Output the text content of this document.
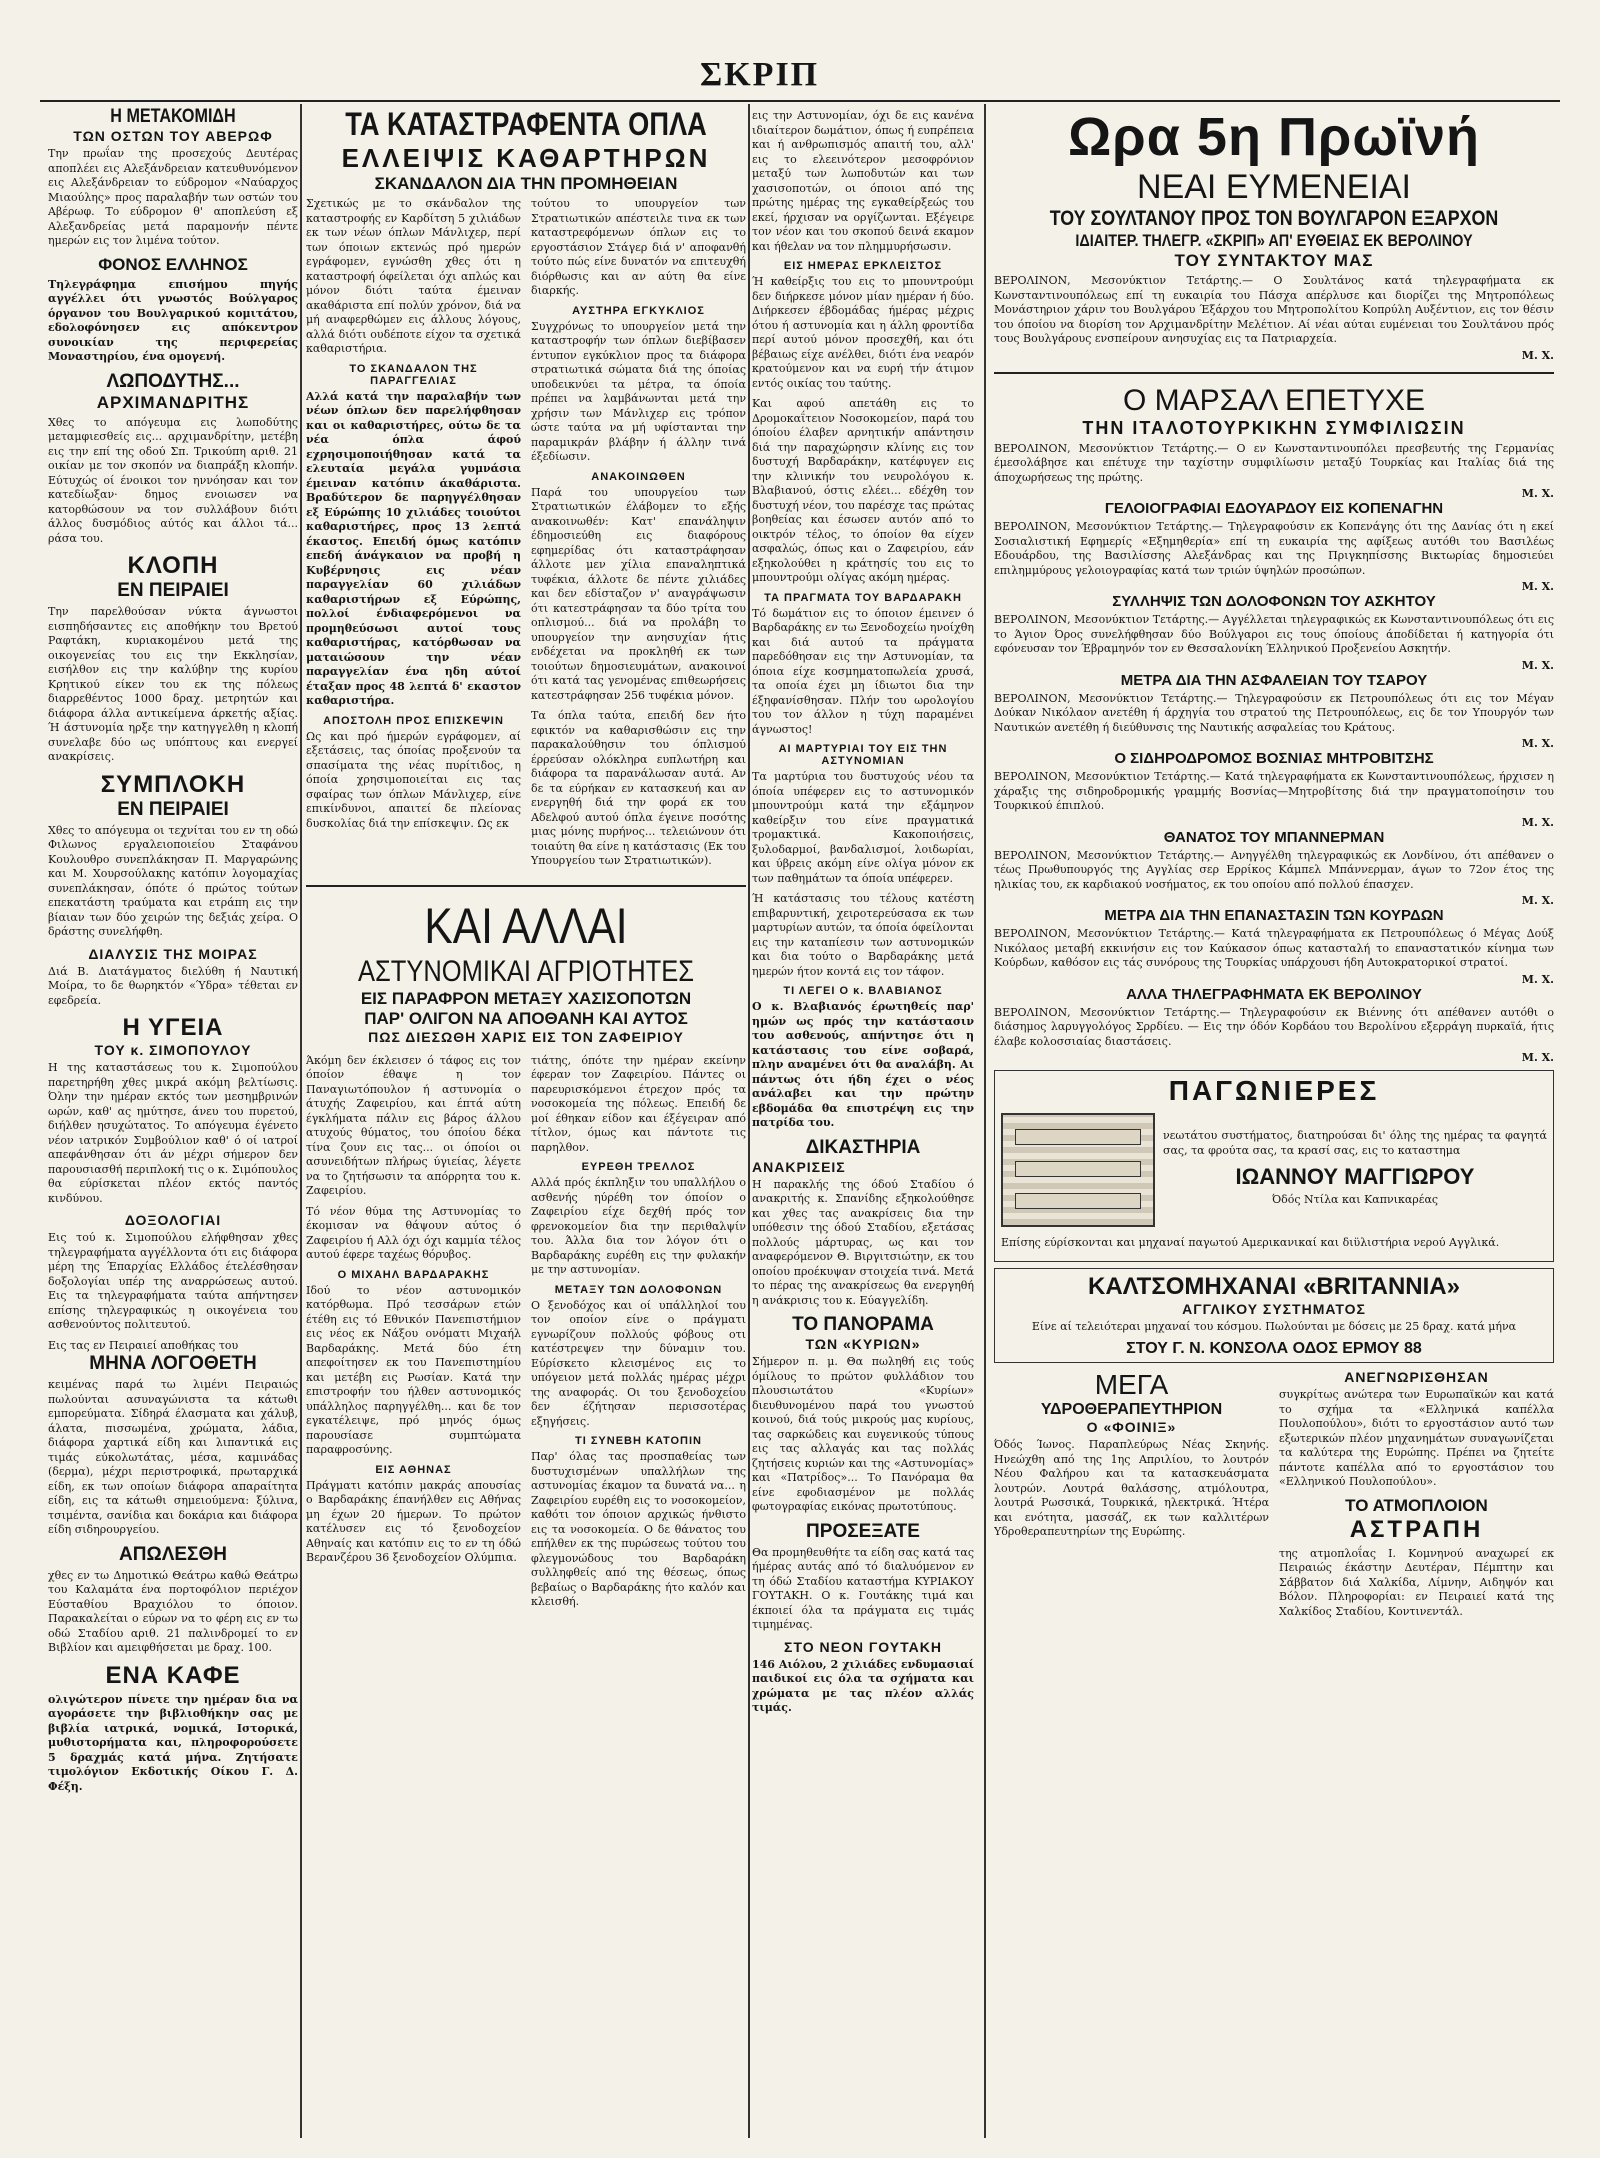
ΣΚΡΙΠ
Η ΜΕΤΑΚΟΜΙΔΗ
ΤΩΝ ΟΣΤΩΝ ΤΟΥ ΑΒΕΡΩΦ

Την πρωΐαν της προσεχούς Δευτέρας αποπλέει εις Αλεξάνδρειαν κατευθυνόμενον εις Αλεξάνδρειαν το εύδρομον «Ναύαρχος Μιαούλης» προς παραλαβήν των οστών του Αβέρωφ. Το εύδρομον θ' αποπλεύση εξ Αλεξανδρείας μετά παραμονήν πέντε ημερών εις τον λιμένα τούτον.

ΦΟΝΟΣ ΕΛΛΗΝΟΣ

Τηλεγράφημα επισήμου πηγής αγγέλλει ότι γνωστός Βούλγαρος όργανον του Βουλγαρικού κομιτάτου, εδολοφόνησεν εις απόκεντρον συνοικίαν της περιφερείας Μοναστηρίου, ένα ομογενή.

ΛΩΠΟΔΥΤΗΣ...
ΑΡΧΙΜΑΝΔΡΙΤΗΣ

Χθες το απόγευμα εις λωποδύτης μεταμφιεσθείς εις... αρχιμανδρίτην, μετέβη εις την επί της οδού Σπ. Τρικούπη αριθ. 21 οικίαν με τον σκοπόν να διαπράξη κλοπήν. Εύτυχώς οί ένοικοι τον ηννόησαν και τον κατεδίωξαν· δημος ενοιωσεν να κατορθώσουν να τον συλλάβουν διότι άλλος δυσμόδιος αύτός και άλλοι τά... ράσα του.

ΚΛΟΠΗ
ΕΝ ΠΕΙΡΑΙΕΙ

Την παρελθούσαν νύκτα άγνωστοι εισπηδήσαντες εις αποθήκην του Βρετού Ραφτάκη, κυριακομένου μετά της οικογενείας του εις την Εκκλησίαν, εισήλθον εις την καλύβην της κυρίου Κρητικού είκεν του εκ της πόλεως διαρρεθέντος 1000 δραχ. μετρητών και διάφορα άλλα αντικείμενα άρκετής αξίας. Ή άστυνομία ηρξε την κατηγγελθη η κλοπή συνελαβε δύο ως υπόπτους και ενεργεί ανακρίσεις.

ΣΥΜΠΛΟΚΗ
ΕΝ ΠΕΙΡΑΙΕΙ

Χθες το απόγευμα οι τεχνίται του εν τη οδώ Φιλωνος εργαλειοποιείου Σταφάνου Κουλουθρο συνεπλάκησαν Π. Μαργαρώνης και Μ. Χουρσούλακης κατόπιν λογομαχίας συνεπλάκησαν, όπότε ό πρώτος τούτων επεκατάστη τραύματα και ετράπη εις την βίαιαν των δύο χειρών της δεξιάς χείρα. Ο δράστης συνελήφθη.

ΔΙΑΛΥΣΙΣ ΤΗΣ ΜΟΙΡΑΣ

Διά Β. Διατάγματος διελύθη ή Ναυτική Μοίρα, το δε θωρηκτόν «Ύδρα» τέθεται εν εφεδρεία.

Η ΥΓΕΙΑ
ΤΟΥ κ. ΣΙΜΟΠΟΥΛΟΥ

Η της καταστάσεως του κ. Σιμοπούλου παρετηρήθη χθες μικρά ακόμη βελτίωσις. Όλην την ημέραν εκτός των μεσημβρινών ωρών, καθ' ας ημύτησε, άνευ του πυρετού, διήλθεν ησυχώτατος. Το απόγευμα έγένετο νέον ιατρικόν Συμβούλιον καθ' ό οί ιατροί απεφάνθησαν ότι άν μέχρι σήμερον δεν παρουσιασθή περιπλοκή τις ο κ. Σιμόπουλος θα εύρίσκεται πλέον εκτός παντός κινδύνου.

ΔΟΞΟΛΟΓΙΑΙ

Εις τού κ. Σιμοπούλου ελήφθησαν χθες τηλεγραφήματα αγγέλλοντα ότι εις διάφορα μέρη της Έπαρχίας Ελλάδος έτελέσθησαν δοξολογίαι υπέρ της αναρρώσεως αυτού. Εις τα τηλεγραφήματα ταύτα απήντησεν επίσης τηλεγραφικώς η οικογένεια του ασθενούντος πολιτευτού.

Εις τας εν Πειραιεί αποθήκας του

ΜΗΝΑ ΛΟΓΟΘΕΤΗ

κειμένας παρά τω λιμένι Πειραιώς πωλούνται ασυναγώνιστα τα κάτωθι εμπορεύματα. Σίδηρά έλασματα και χάλυβ, άλατα, πισσωμένα, χρώματα, λάδια, διάφορα χαρτικά είδη και λιπαντικά εις τιμάς εύκολωτάτας, μέσα, καμινάδας (δερμα), μέχρι περιστροφικά, πρωταρχικά είδη, εκ των οποίων διάφορα απαραίτητα είδη, εις τα κάτωθι σημειούμενα: ξύλινα, τσιμέντα, σανίδια και δοκάρια και διάφορα είδη σιδηρουργείου.

ΑΠΩΛΕΣΘΗ

χθες εν τω Δημοτικώ Θεάτρω καθώ Θεάτρω του Καλαμάτα ένα πορτοφόλιον περιέχον Εύσταθίου Βραχιόλου το όποιον. Παρακαλείται ο εύρων να το φέρη εις εν τω οδώ Σταδίου αριθ. 21 παλινδρομεί το εν Βιβλίον και αμειφθήσεται με δραχ. 100.

ΕΝΑ ΚΑΦΕ

ολιγώτερον πίνετε την ημέραν δια να αγοράσετε την βιβλιοθήκην σας με βιβλία ιατρικά, νομικά, Ιστορικά, μυθιστορήματα και, πληροφορούσετε 5 δραχμάς κατά μήνα. Ζητήσατε τιμολόγιον Εκδοτικής Οίκου Γ. Δ. Φέξη.

ΤΑ ΚΑΤΑΣΤΡΑΦΕΝΤΑ ΟΠΛΑ
ΕΛΛΕΙΨΙΣ ΚΑΘΑΡΤΗΡΩΝ
ΣΚΑΝΔΑΛΟΝ ΔΙΑ ΤΗΝ ΠΡΟΜΗΘΕΙΑΝ

Σχετικώς με το σκάνδαλον της καταστροφής εν Καρδίτση 5 χιλιάδων εκ των νέων όπλων Μάνλιχερ, περί των όποιων εκτενώς πρό ημερών εγράφομεν, εγνώσθη χθες ότι η καταστροφή όφείλεται όχι απλώς και μόνον διότι ταύτα έμειναν ακαθάριστα επί πολύν χρόνον, διά να μή αναφερθώμεν εις άλλους λόγους, αλλά διότι ουδέποτε είχον τα σχετικά καθαριστήρια.

ΤΟ ΣΚΑΝΔΑΛΟΝ ΤΗΣ ΠΑΡΑΓΓΕΛΙΑΣ

Αλλά κατά την παραλαβήν των νέων όπλων δεν παρελήφθησαν και οι καθαριστήρες, ούτω δε τα νέα όπλα άφού εχρησιμοποιήθησαν κατά τα ελευταία μεγάλα γυμνάσια έμειναν κατόπιν άκαθάριστα. Βραδύτερον δε παρηγγέλθησαν εξ Εύρώπης 10 χιλιάδες τοιούτοι καθαριστήρες, προς 13 λεπτά έκαστος. Επειδή όμως κατόπιν επεδή άνάγκαιον να προβή η Κυβέρνησις εις νέαν παραγγελίαν 60 χιλιάδων καθαριστήρων εξ Εύρώπης, πολλοί ένδιαφερόμενοι να προμηθεύσωσι αυτοί τους καθαριστήρας, κατόρθωσαν να ματαιώσουν την νέαν παραγγελίαν ένα ηδη αύτοί έταξαν προς 48 λεπτά δ' εκαστον καθαριστήρα.

ΑΠΟΣΤΟΛΗ ΠΡΟΣ ΕΠΙΣΚΕΨΙΝ

Ως και πρό ήμερών εγράφομεν, αί εξετάσεις, τας όποίας προξενούν τα σπασίματα της νέας πυρίτιδος, η όποία χρησιμοποιείται εις τας σφαίρας των όπλων Μάνλιχερ, είνε επικίνδυνοι, απαιτεί δε πλείονας δυσκολίας διά την επίσκεψιν. Ως εκ

τούτου το υπουργείον των Στρατιωτικών απέστειλε τινα εκ των καταστρεφόμενων όπλων εις το εργοστάσιον Στάγερ διά ν' αποφανθή τούτο πώς είνε δυνατόν να επιτευχθή διόρθωσις και αν αύτη θα είνε διαρκής.

ΑΥΣΤΗΡΑ ΕΓΚΥΚΛΙΟΣ

Συγχρόνως το υπουργείον μετά την καταστροφήν των όπλων διεβίβασεν έντυπον εγκύκλιον προς τα διάφορα στρατιωτικά σώματα διά της όποίας υποδεικνύει τα μέτρα, τα όποία πρέπει να λαμβάνωνται μετά την χρήσιν των Μάνλιχερ εις τρόπον ώστε ταύτα να μή υφίστανται την παραμικράν βλάβην ή άλλην τινά έξεδίωσιν.

ΑΝΑΚΟΙΝΩΘΕΝ

Παρά του υπουργείου των Στρατιωτικών έλάβομεν το εξής ανακοινωθέν: Κατ' επανάληψιν έδημοσιεύθη εις διαφόρους εφημερίδας ότι καταστράφησαν άλλοτε μεν χίλια επαναληπτικά τυφέκια, άλλοτε δε πέντε χιλιάδες και δεν εδίσταζον ν' αναγράψωσιν ότι κατεστράφησαν τα δύο τρίτα του οπλισμού... διά να προλάβη το υπουργείον την ανησυχίαν ήτις ενδέχεται να προκληθή εκ των τοιούτων δημοσιευμάτων, ανακοινοί ότι κατά τας γενομένας επιθεωρήσεις κατεστράφησαν 256 τυφέκια μόνον.

Τα όπλα ταύτα, επειδή δεν ήτο εφικτόν να καθαρισθώσιν εις την παρακαλούθησιν του όπλισμού έρρεύσαν ολόκληρα ευπλωτήρη και διάφορα τα παρανάλωσαν αυτά. Αν δε τα εύρήκαν εν κατασκευή και αν ενεργηθή διά την φορά εκ του Αδελφού αυτού όπλα έγεινε ποσότης μιας μόνης πυρήνος... τελειώνουν ότι τοιαύτη θα είνε η κατάστασις (Εκ του Υπουργείου των Στρατιωτικών).

ΚΑΙ ΑΛΛΑΙ
ΑΣΤΥΝΟΜΙΚΑΙ ΑΓΡΙΟΤΗΤΕΣ
ΕΙΣ ΠΑΡΑΦΡΟΝ ΜΕΤΑΞΥ ΧΑΣΙΣΟΠΟΤΩΝ
ΠΑΡ' ΟΛΙΓΟΝ ΝΑ ΑΠΟΘΑΝΗ ΚΑΙ ΑΥΤΟΣ
ΠΩΣ ΔΙΕΣΩΘΗ ΧΑΡΙΣ ΕΙΣ ΤΟΝ ΖΑΦΕΙΡΙΟΥ

Άκόμη δεν έκλεισεν ό τάφος εις τον όποίον έθαψε η τον Παναγιωτόπουλον ή αστυνομία ο άτυχής Ζαφειρίου, και έπτά αύτη έγκλήματα πάλιν εις βάρος άλλου ατυχούς θύματος, του όποίου δέκα τίνα ζουν εις τας... οι όποίοι οι ασυνειδήτων πλήρως ύγιείας, λέγετε να το ζητήσωσιν τα απόρρητα του κ. Ζαφειρίου.

Τό νέον θύμα της Αστυνομίας το έκομισαν να θάψουν αύτος ό Ζαφειρίου ή Αλλ όχι όχι καμμία τέλος αυτού έφερε ταχέως θόρυβος.

Ο ΜΙΧΑΗΛ ΒΑΡΔΑΡΑΚΗΣ

Ιδού το νέον αστυνομικόν κατόρθωμα. Πρό τεσσάρων ετών έτέθη εις τό Εθνικόν Πανεπιστήμιον εις νέος εκ Νάξου ονόματι Μιχαήλ Βαρδαράκης. Μετά δύο έτη απεφοίτησεν εκ του Πανεπιστημίου και μετέβη εις Ρωσίαν. Κατά την επιστροφήν του ήλθεν αστυνομικός υπάλληλος παρηγγέλθη... και δε τον εγκατέλειψε, πρό μηνός όμως παρουσίασε συμπτώματα παραφροσύνης.

ΕΙΣ ΑΘΗΝΑΣ

Πράγματι κατόπιν μακράς απουσίας ο Βαρδαράκης έπανήλθεν εις Αθήνας μη έχων 20 ήμερων. Το πρώτον κατέλυσεν εις τό ξενοδοχείον Αθηναίς και κατόπιν εις το εν τη όδώ Βερανζέρου 36 ξενοδοχείον Ολύμπια.

τιάτης, όπότε την ημέραν εκείνην έφεραν τον Ζαφειρίου. Πάντες οι παρευρισκόμενοι έτρεχον πρός τα νοσοκομεία της πόλεως. Επειδή δε μοί έθηκαν είδον και έξέγειραν από τίτλον, όμως και πάντοτε τις παρηλθον.

ΕΥΡΕΘΗ ΤΡΕΛΛΟΣ

Αλλά πρός έκπληξιν του υπαλλήλου ο ασθενής ηύρέθη τον όποίον ο Ζαφειρίου είχε δεχθή πρός τον φρενοκομείον δια την περιθαλψίν του. Άλλα δια τον λόγον ότι ο Βαρδαράκης ευρέθη εις την φυλακήν με την αστυνομίαν.

ΜΕΤΑΞΥ ΤΩΝ ΔΟΛΟΦΟΝΩΝ

Ο ξενοδόχος και οί υπάλληλοί του τον οποίον είνε ο πράγματι εγνωρίζουν πολλούς φόβους οτι κατέστρεψεν την δύναμιν του. Εύρίσκετο κλεισμένος εις το υπόγειον μετά πολλάς ημέρας μέχρι της αναφοράς. Οι του ξενοδοχείου δεν έζήτησαν περισσοτέρας εξηγήσεις.

ΤΙ ΣΥΝΕΒΗ ΚΑΤΟΠΙΝ

Παρ' όλας τας προσπαθείας των δυστυχισμένων υπαλλήλων της αστυνομίας έκαμον τα δυνατά να... η Ζαφειρίου ευρέθη εις το νοσοκομείον, καθότι τον όποιον αρχικώς ήνθιστο εις τα νοσοκομεία. Ο δε θάνατος του επήλθεν εκ της πυρώσεως τούτου του φλεγμονώδους του Βαρδαράκη συλληφθείς από της θέσεως, όπως βεβαίως ο Βαρδαράκης ήτο καλόν και κλεισθή.

εις την Αστυνομίαν, όχι δε εις κανένα ιδιαίτερον δωμάτιον, όπως ή ευπρέπεια και ή ανθρωπισμός απαιτή του, αλλ' εις το ελεεινότερον μεσοφρόνιον μεταξύ των λωποδυτών και των χασισοποτών, οι όποιοι από της πρώτης ημέρας της εγκαθείρξεώς του εκεί, ήρχισαν να οργίζωνται. Εξέγειρε τον νέον και του σκοπού δεινά εκαμον και ήθελαν να τον πλημμυρήσωσιν.

ΕΙΣ ΗΜΕΡΑΣ ΕΡΚΛΕΙΣΤΟΣ

Ή καθείρξις του εις το μπουντρούμι δεν διήρκεσε μόνον μίαν ημέραν ή δύο. Διήρκεσεν έβδομάδας ήμέρας μέχρις ότου ή αστυνομία και η άλλη φροντίδα περί αυτού μόνον προσεχθή, και ότι βέβαιως είχε ανέλθει, διότι ένα νεαρόν κρατούμενον και να ευρή τήν άτιμον εντός οικίας του ταύτης.

Και αφού απετάθη εις το Δρομοκαΐτειον Νοσοκομείον, παρά του όποίου έλαβεν αρνητικήν απάντησιν διά την παραχώρησιν κλίνης εις τον δυστυχή Βαρδαράκην, κατέφυγεν εις την κλινικήν του νευρολόγου κ. Βλαβιανού, όστις ελέει... εδέχθη τον δυστυχή νέον, του παρέσχε τας πρώτας βοηθείας και έσωσεν αυτόν από το οικτρόν τέλος, το όποίον θα είχεν ασφαλώς, όπως και ο Ζαφειρίου, εάν εξηκολούθει η κράτησίς του εις το μπουντρούμι ολίγας ακόμη ημέρας.

ΤΑ ΠΡΑΓΜΑΤΑ ΤΟΥ ΒΑΡΔΑΡΑΚΗ

Τό δωμάτιον εις το όποιον έμεινεν ό Βαρδαράκης εν τω Ξενοδοχείω ηνοίχθη και διά αυτού τα πράγματα παρεδόθησαν εις την Αστυνομίαν, τα όποια είχε κοσμηματοπωλεία χρυσά, τα οποία έχει μη ίδιωτοι δια την έξηφανίσθησαν. Πλήν του ωρολογίου του τον άλλον η τύχη παραμένει άγνωστος!

ΑΙ ΜΑΡΤΥΡΙΑΙ ΤΟΥ ΕΙΣ ΤΗΝ ΑΣΤΥΝΟΜΙΑΝ

Τα μαρτύρια του δυστυχούς νέου τα όποία υπέφερεν εις το αστυνομικόν μπουντρούμι κατά την εξάμηνον καθείρξιν του είνε πραγματικά τρομακτικά. Κακοποιήσεις, ξυλοδαρμοί, βανδαλισμοί, λοιδωρίαι, και ύβρεις ακόμη είνε ολίγα μόνον εκ των παθημάτων τα όποία υπέφερεν.

Ή κατάστασις του τέλους κατέστη επιβαρυντική, χειροτερεύσασα εκ των μαρτυρίων αυτών, τα όποία όφείλονται εις την καταπίεσιν των αστυνομικών και δια τούτο ο Βαρδαράκης μετά ημερών ήτον κοντά εις τον τάφον.

ΤΙ ΛΕΓΕΙ Ο κ. ΒΛΑΒΙΑΝΟΣ

Ο κ. Βλαβιανός έρωτηθείς παρ' ημών ως πρός την κατάστασιν του ασθενούς, απήντησε ότι η κατάστασις του είνε σοβαρά, πλην αναμένει ότι θα αναλάβη. Αι πάντως ότι ήδη έχει ο νέος ανάλαβει και την πρώτην εβδομάδα θα επιστρέψη εις την πατρίδα του.

ΔΙΚΑΣΤΗΡΙΑ
ΑΝΑΚΡΙΣΕΙΣ

Η παρακλής της όδού Σταδίου ό ανακριτής κ. Σπανίδης εξηκολούθησε και χθες τας ανακρίσεις δια την υπόθεσιν της όδού Σταδίου, εξετάσας πολλούς μάρτυρας, ως και τον αναφερόμενον Θ. Βιργιτσιώτην, εκ του οποίου προέκυψαν στοιχεία τινά. Μετά το πέρας της ανακρίσεως θα ενεργηθή η ανάκρισις του κ. Εύαγγελίδη.

ΤΟ ΠΑΝΟΡΑΜΑ
ΤΩΝ «ΚΥΡΙΩΝ»

Σήμερον π. μ. Θα πωληθή εις τούς όμίλους το πρώτον φυλλάδιον του πλουσιωτάτου «Κυρίων» διευθυνομένου παρά του γνωστού κοινού, διά τούς μικρούς μας κυρίους, τας σαρκώδεις και ευγενικούς τύπους εις τας αλλαγάς και τας πολλάς ζητήσεις κυριών και της «Αστυνομίας» και «Πατρίδος»... Το Πανόραμα θα είνε εφοδιασμένον με πολλάς φωτογραφίας εικόνας πρωτοτύπους.

ΠΡΟΣΕΞΑΤΕ

Θα προμηθευθήτε τα είδη σας κατά τας ήμέρας αυτάς από τό διαλυόμενον εν τη όδώ Σταδίου καταστήμα ΚΥΡΙΑΚΟΥ ΓΟΥΤΑΚΗ. Ο κ. Γουτάκης τιμά και έκποιεί όλα τα πράγματα εις τιμάς τιμημένας.

ΣΤΟ ΝΕΟΝ ΓΟΥΤΑΚΗ

146 Αιόλου, 2 χιλιάδες ενδυμασιαί παιδικοί εις όλα τα σχήματα και χρώματα με τας πλέον αλλάς τιμάς.

Ωρα 5η Πρωϊνή
ΝΕΑΙ ΕΥΜΕΝΕΙΑΙ
ΤΟΥ ΣΟΥΛΤΑΝΟΥ ΠΡΟΣ ΤΟΝ ΒΟΥΛΓΑΡΟΝ ΕΞΑΡΧΟΝ
ΙΔΙΑΙΤΕΡ. ΤΗΛΕΓΡ. «ΣΚΡΙΠ» ΑΠ' ΕΥΘΕΙΑΣ ΕΚ ΒΕΡΟΛΙΝΟΥ
ΤΟΥ ΣΥΝΤΑΚΤΟΥ ΜΑΣ

ΒΕΡΟΛΙΝΟΝ, Μεσονύκτιον Τετάρτης.— Ο Σουλτάνος κατά τηλεγραφήματα εκ Κωνσταντινουπόλεως επί τη ευκαιρία του Πάσχα απέρλυσε και διορίζει της Μητροπόλεως Μονάστηριον χάριν του Βουλγάρου Έξάρχου του Μητροπολίτου Κοπρύλη Αυξέντιον, εις τον θέσιν του όποίου να διορίση τον Αρχιμανδρίτην Μελέτιον. Αί νέαι αύται ευμένειαι του Σουλτάνου πρός τους Βουλγάρους ενσπείρουν ανησυχίας εις τα Πατριαρχεία.

Μ. Χ.
Ο ΜΑΡΣΑΛ ΕΠΕΤΥΧΕ
ΤΗΝ ΙΤΑΛΟΤΟΥΡΚΙΚΗΝ ΣΥΜΦΙΛΙΩΣΙΝ

ΒΕΡΟΛΙΝΟΝ, Μεσονύκτιον Τετάρτης.— Ο εν Κωνσταντινουπόλει πρεσβευτής της Γερμανίας έμεσολάβησε και επέτυχε την ταχίστην συμφιλίωσιν μεταξύ Τουρκίας και Ιταλίας διά της άποχωρήσεως της πρώτης.

Μ. Χ.
ΓΕΛΟΙΟΓΡΑΦΙΑΙ ΕΔΟΥΑΡΔΟΥ ΕΙΣ ΚΟΠΕΝΑΓΗΝ

ΒΕΡΟΛΙΝΟΝ, Μεσονύκτιον Τετάρτης.— Τηλεγραφούσιν εκ Κοπενάγης ότι της Δανίας ότι η εκεί Σοσιαλιστική Εφημερίς «Εξημηθερία» επί τη ευκαιρία της αφίξεως αυτόθι του Βασιλέως Εδουάρδου, της Βασιλίσσης Αλεξάνδρας και της Πριγκηπίσσης Βικτωρίας δημοσιεύει επιλημμύρους γελοιογραφίας κατά των τριών ύψηλών προσώπων.

Μ. Χ.
ΣΥΛΛΗΨΙΣ ΤΩΝ ΔΟΛΟΦΟΝΩΝ ΤΟΥ ΑΣΚΗΤΟΥ

ΒΕΡΟΛΙΝΟΝ, Μεσονύκτιον Τετάρτης.— Αγγέλλεται τηλεγραφικώς εκ Κωνσταντινουπόλεως ότι εις το Άγιον Όρος συνελήφθησαν δύο Βούλγαροι εις τους όποίους άποδίδεται ή κατηγορία ότι εφόνευσαν τον Έβραμηνόν τον εν Θεσσαλονίκη Έλληνικού Προξενείου Ασκητήν.

Μ. Χ.
ΜΕΤΡΑ ΔΙΑ ΤΗΝ ΑΣΦΑΛΕΙΑΝ ΤΟΥ ΤΣΑΡΟΥ

ΒΕΡΟΛΙΝΟΝ, Μεσονύκτιον Τετάρτης.— Τηλεγραφούσιν εκ Πετρουπόλεως ότι εις τον Μέγαν Δούκαν Νικόλαον ανετέθη ή άρχηγία του στρατού της Πετρουπόλεως, εις δε τον Υπουργόν των Ναυτικών ανετέθη ή διεύθυνσις της Ναυτικής ασφαλείας του Κράτους.

Μ. Χ.
Ο ΣΙΔΗΡΟΔΡΟΜΟΣ ΒΟΣΝΙΑΣ ΜΗΤΡΟΒΙΤΣΗΣ

ΒΕΡΟΛΙΝΟΝ, Μεσονύκτιον Τετάρτης.— Κατά τηλεγραφήματα εκ Κωνσταντινουπόλεως, ήρχισεν η χάραξις της σιδηροδρομικής γραμμής Βοσνίας—Μητροβίτσης διά την πραγματοποίησιν του Τουρκικού έπιπλού.

Μ. Χ.
ΘΑΝΑΤΟΣ ΤΟΥ ΜΠΑΝΝΕΡΜΑΝ

ΒΕΡΟΛΙΝΟΝ, Μεσονύκτιον Τετάρτης.— Ανηγγέλθη τηλεγραφικώς εκ Λονδίνου, ότι απέθανεν ο τέως Πρωθυπουργός της Αγγλίας σερ Ερρίκος Κάμπελ Μπάννερμαν, άγων το 72ον έτος της ηλικίας του, εκ καρδιακού νοσήματος, εκ του οποίου από πολλού έπασχεν.

Μ. Χ.
ΜΕΤΡΑ ΔΙΑ ΤΗΝ ΕΠΑΝΑΣΤΑΣΙΝ ΤΩΝ ΚΟΥΡΔΩΝ

ΒΕΡΟΛΙΝΟΝ, Μεσονύκτιον Τετάρτης.— Κατά τηλεγραφήματα εκ Πετρουπόλεως ό Μέγας Δούξ Νικόλαος μεταβή εκκινήσιν εις τον Καύκασον όπως κατασταλή το επαναστατικόν κίνημα των Κούρδων, καθόσον εις τάς συνόρους της Τουρκίας υπάρχουσι ήδη Αυτοκρατορικοί στρατοί.

Μ. Χ.
ΑΛΛΑ ΤΗΛΕΓΡΑΦΗΜΑΤΑ ΕΚ ΒΕΡΟΛΙΝΟΥ

ΒΕΡΟΛΙΝΟΝ, Μεσονύκτιον Τετάρτης.— Τηλεγραφούσιν εκ Βιέννης ότι απέθανεν αυτόθι ο διάσημος λαρυγγολόγος Σρρδίευ. — Εις την όδόν Κορδάου του Βερολίνου εξερράγη πυρκαϊά, ήτις έλαβε κολοσσιαίας διαστάσεις.

Μ. Χ.
ΠΑΓΩΝΙΕΡΕΣ

νεωτάτου συστήματος, διατηρούσαι δι' όλης της ημέρας τα φαγητά σας, τα φρούτα σας, τα κρασί σας, εις το καταστημα

ΙΩΑΝΝΟΥ ΜΑΓΓΙΩΡΟΥ

Όδός Ντίλα και Καπνικαρέας

Επίσης εύρίσκονται και μηχαναί παγωτού Αμερικανικαί και διϋλιστήρια νερού Αγγλικά.

ΚΑΛΤΣΟΜΗΧΑΝΑΙ «BRITANNIA»
ΑΓΓΛΙΚΟΥ ΣΥΣΤΗΜΑΤΟΣ

Είνε αί τελειότεραι μηχαναί του κόσμου. Πωλούνται με δόσεις με 25 δραχ. κατά μήνα

ΣΤΟΥ Γ. Ν. ΚΟΝΣΟΛΑ ΟΔΟΣ ΕΡΜΟΥ 88
ΜΕΓΑ
ΥΔΡΟΘΕΡΑΠΕΥΤΗΡΙΟΝ
Ο «ΦΟΙΝΙΞ»

Όδός Ίωνος. Παραπλεύρως Νέας Σκηνής. Ηνεώχθη από της 1ης Απριλίου, το λουτρόν Νέου Φαλήρου και τα κατασκευάσματα λουτρών. Λουτρά θαλάσσης, ατμόλουτρα, λουτρά Ρωσσικά, Τουρκικά, ηλεκτρικά. Ήτέρα και ενότητα, μασσάζ, εκ των καλλιτέρων Υδροθεραπευτηρίων της Ευρώπης.

ΑΝΕΓΝΩΡΙΣΘΗΣΑΝ

συγκρίτως ανώτερα των Ευρωπαϊκών και κατά το σχήμα τα «Ελληνικά καπέλλα Πουλοπούλου», διότι το εργοστάσιον αυτό των εξωτερικών πλέον μηχανημάτων συναγωνίζεται τα καλύτερα της Ευρώπης. Πρέπει να ζητείτε πάντοτε καπέλλα από το εργοστάσιον του «Ελληνικού Πουλοπούλου».

ΤΟ ΑΤΜΟΠΛΟΙΟΝ
ΑΣΤΡΑΠΗ

της ατμοπλοΐας Ι. Κομνηνού αναχωρεί εκ Πειραιώς έκάστην Δευτέραν, Πέμπτην και Σάββατον διά Χαλκίδα, Λίμνην, Αιδηψόν και Βόλον. Πληροφορίαι: εν Πειραιεί κατά της Χαλκίδος Σταδίου, Κοντινεντάλ.
